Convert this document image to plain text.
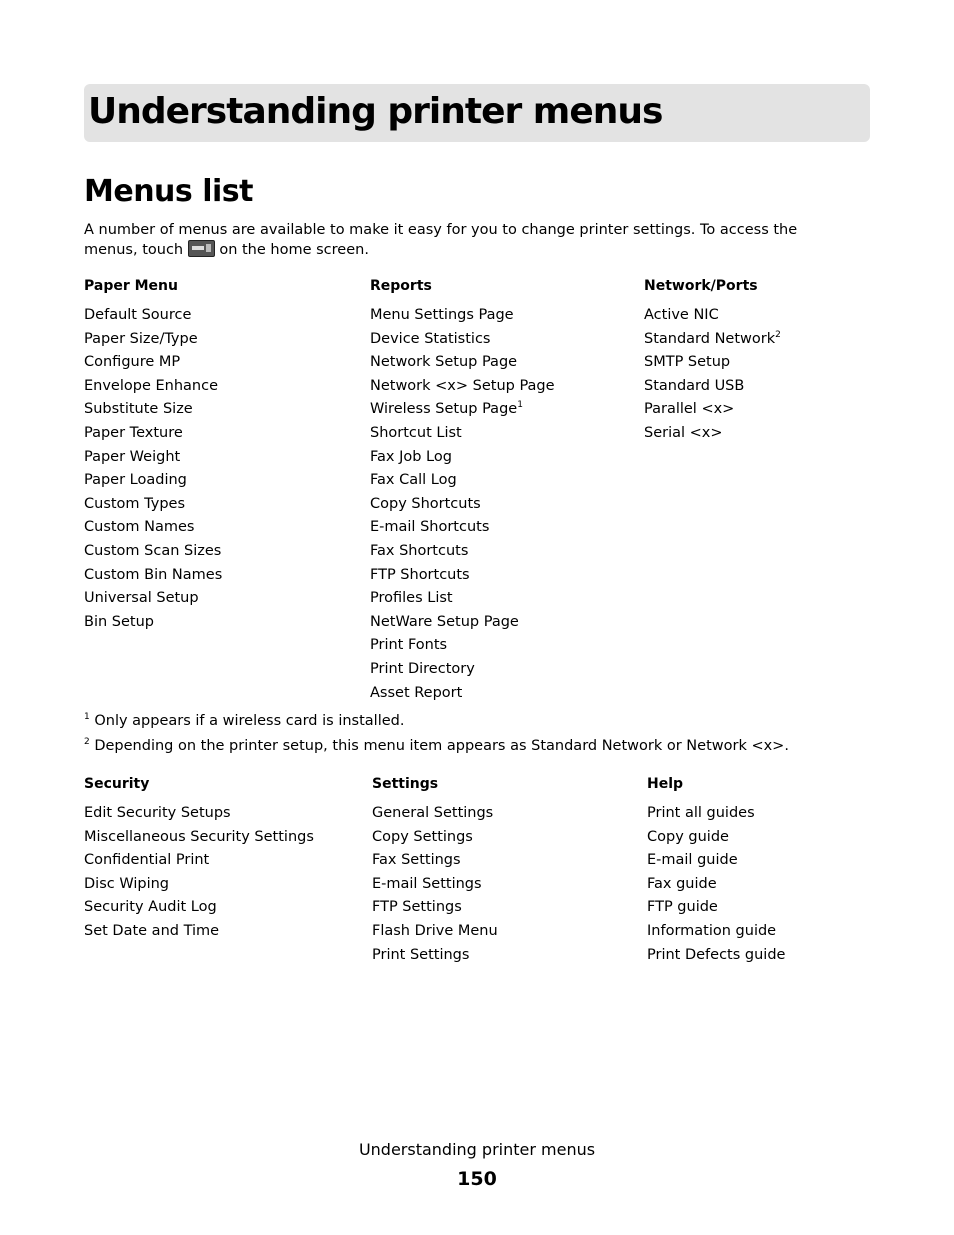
Understanding printer menus
Menus list

A number of menus are available to make it easy for you to change printer settings. To access the menus, touch on the home screen.

Paper Menu
Default Source
Paper Size/Type
Configure MP
Envelope Enhance
Substitute Size
Paper Texture
Paper Weight
Paper Loading
Custom Types
Custom Names
Custom Scan Sizes
Custom Bin Names
Universal Setup
Bin Setup
Reports
Menu Settings Page
Device Statistics
Network Setup Page
Network <x> Setup Page
Wireless Setup Page$^1$
Shortcut List
Fax Job Log
Fax Call Log
Copy Shortcuts
E-mail Shortcuts
Fax Shortcuts
FTP Shortcuts
Profiles List
NetWare Setup Page
Print Fonts
Print Directory
Asset Report
Network/Ports
Active NIC
Standard Network$^2$
SMTP Setup
Standard USB
Parallel <x>
Serial <x>

$^1$ Only appears if a wireless card is installed.

$^2$ Depending on the printer setup, this menu item appears as Standard Network or Network <x>.

Security
Edit Security Setups
Miscellaneous Security Settings
Confidential Print
Disc Wiping
Security Audit Log
Set Date and Time
Settings
General Settings
Copy Settings
Fax Settings
E-mail Settings
FTP Settings
Flash Drive Menu
Print Settings
Help
Print all guides
Copy guide
E-mail guide
Fax guide
FTP guide
Information guide
Print Defects guide
Understanding printer menus
150
